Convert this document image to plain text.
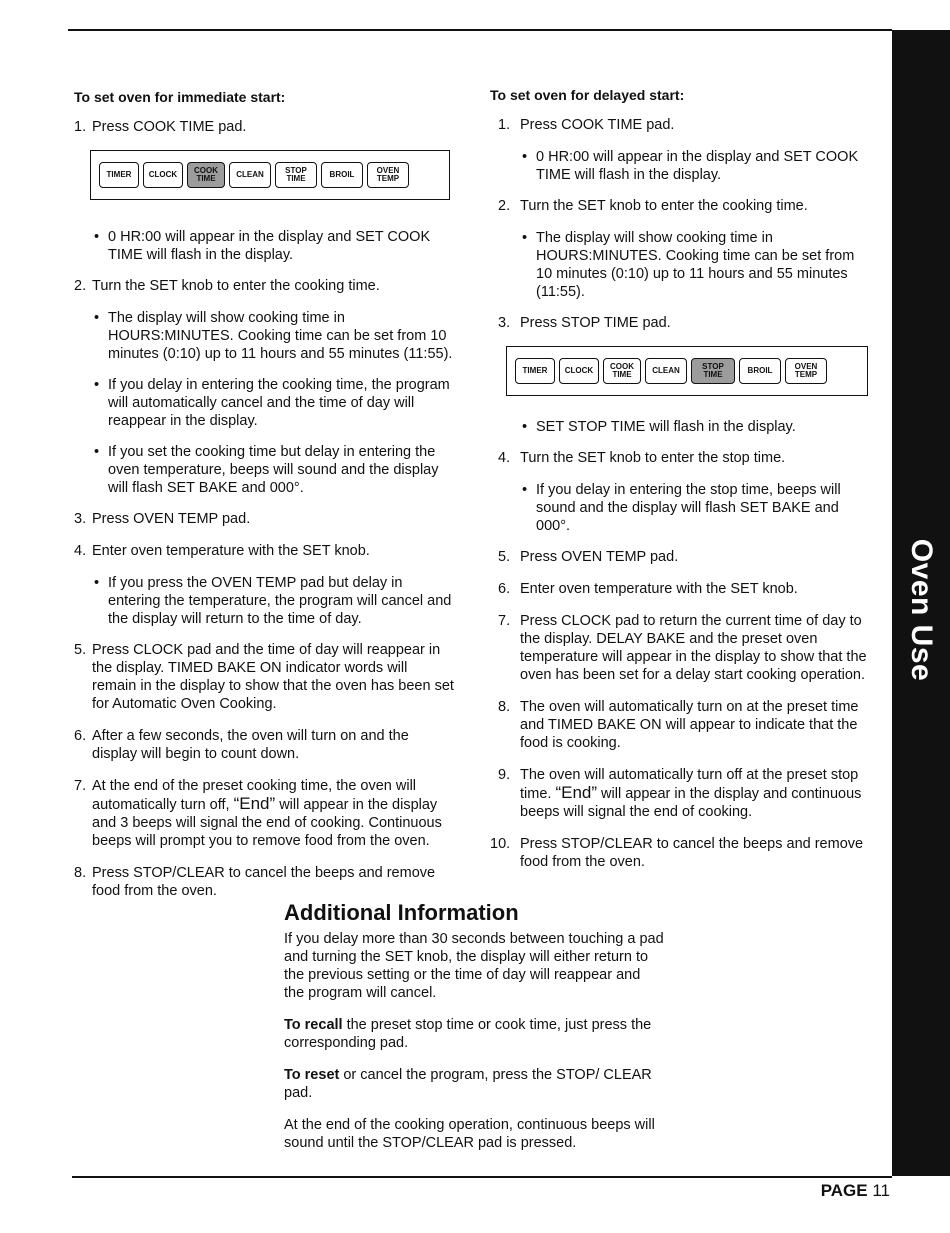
Oven Use
To set oven for immediate start:
1. Press COOK TIME pad.
TIMER CLOCK COOK
TIME	CLEAN	STOP
TIME	BROIL	OVEN
TEMP
• 0 HR:00 will appear in the display and SET COOK TIME will flash in the display.
2. Turn the SET knob to enter the cooking time.
• The display will show cooking time in HOURS:MINUTES. Cooking time can be set from 10 minutes (0:10) up to 11 hours and 55 minutes (11:55).
• If you delay in entering the cooking time, the program will automatically cancel and the time of day will reappear in the display.
• If you set the cooking time but delay in entering the oven temperature, beeps will sound and the display will flash SET BAKE and 000°.
3. Press OVEN TEMP pad.
4. Enter oven temperature with the SET knob.
• If you press the OVEN TEMP pad but delay in entering the temperature, the program will cancel and the display will return to the time of day.
5. Press CLOCK pad and the time of day will reappear in the display. TIMED BAKE ON indicator words will remain in the display to show that the oven has been set for Automatic Oven Cooking.
6. After a few seconds, the oven will turn on and the display will begin to count down.
7. At the end of the preset cooking time, the oven will automatically turn off, “End” will appear in the display and 3 beeps will signal the end of cooking. Continuous beeps will prompt you to remove food from the oven.
8. Press STOP/CLEAR to cancel the beeps and remove food from the oven.
To set oven for delayed start:
1. Press COOK TIME pad.
• 0 HR:00 will appear in the display and SET COOK TIME will flash in the display.
2. Turn the SET knob to enter the cooking time.
• The display will show cooking time in HOURS:MINUTES. Cooking time can be set from 10 minutes (0:10) up to 11 hours and 55 minutes (11:55).
3. Press STOP TIME pad.
TIMER CLOCK COOK
TIME	CLEAN	STOP
TIME	BROIL	OVEN
TEMP
• SET STOP TIME will flash in the display.
4. Turn the SET knob to enter the stop time.
• If you delay in entering the stop time, beeps will sound and the display will flash SET BAKE and 000°.
5. Press OVEN TEMP pad.
6. Enter oven temperature with the SET knob.
7. Press CLOCK pad to return the current time of day to the display. DELAY BAKE and the preset oven temperature will appear in the display to show that the oven has been set for a delay start cooking operation.
8. The oven will automatically turn on at the preset time and TIMED BAKE ON will appear to indicate that the food is cooking.
9. The oven will automatically turn off at the preset stop time. “End” will appear in the display and continuous beeps will signal the end of cooking.
10. Press STOP/CLEAR to cancel the beeps and remove food from the oven.
Additional Information

If you delay more than 30 seconds between touching a pad and turning the SET knob, the display will either return to the previous setting or the time of day will reappear and the program will cancel.

To recall the preset stop time or cook time, just press the corresponding pad.

To reset or cancel the program, press the STOP/ CLEAR pad.

At the end of the cooking operation, continuous beeps will sound until the STOP/CLEAR pad is pressed.

PAGE 11
